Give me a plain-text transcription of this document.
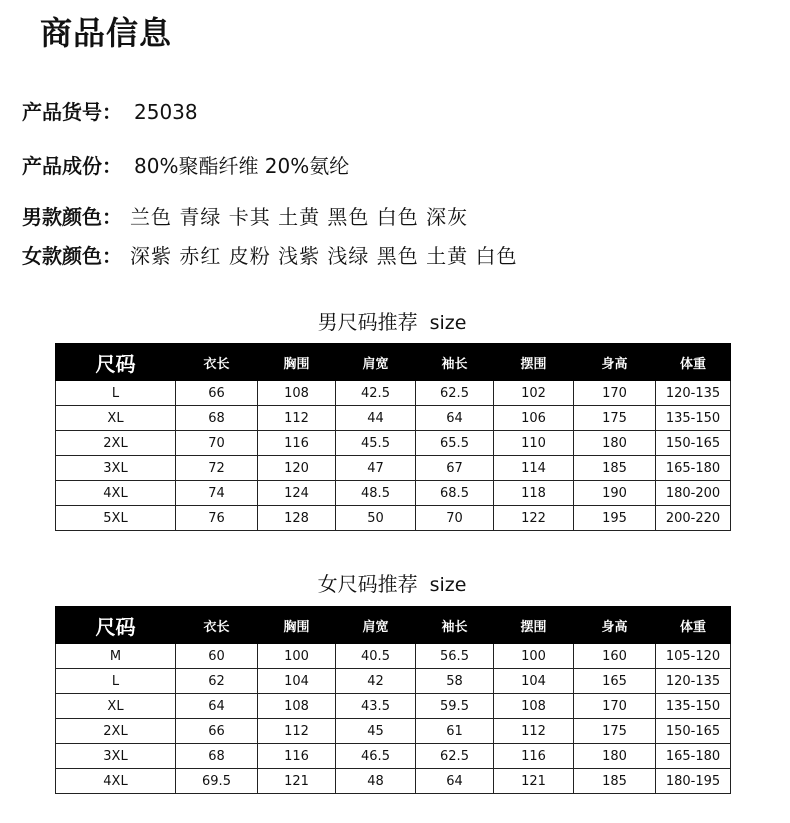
商品信息
产品货号： 25038
产品成份： 80%聚酯纤维 20%氨纶
男款颜色： 兰色 青绿 卡其 土黄 黑色 白色 深灰
女款颜色： 深紫 赤红 皮粉 浅紫 浅绿 黑色 土黄 白色
男尺码推荐 size
尺码	衣长	胸围	肩宽	袖长	摆围	身高	体重
L	66	108	42.5	62.5	102	170	120-135
XL	68	112	44	64	106	175	135-150
2XL	70	116	45.5	65.5	110	180	150-165
3XL	72	120	47	67	114	185	165-180
4XL	74	124	48.5	68.5	118	190	180-200
5XL	76	128	50	70	122	195	200-220
女尺码推荐 size
尺码	衣长	胸围	肩宽	袖长	摆围	身高	体重
M	60	100	40.5	56.5	100	160	105-120
L	62	104	42	58	104	165	120-135
XL	64	108	43.5	59.5	108	170	135-150
2XL	66	112	45	61	112	175	150-165
3XL	68	116	46.5	62.5	116	180	165-180
4XL	69.5	121	48	64	121	185	180-195
